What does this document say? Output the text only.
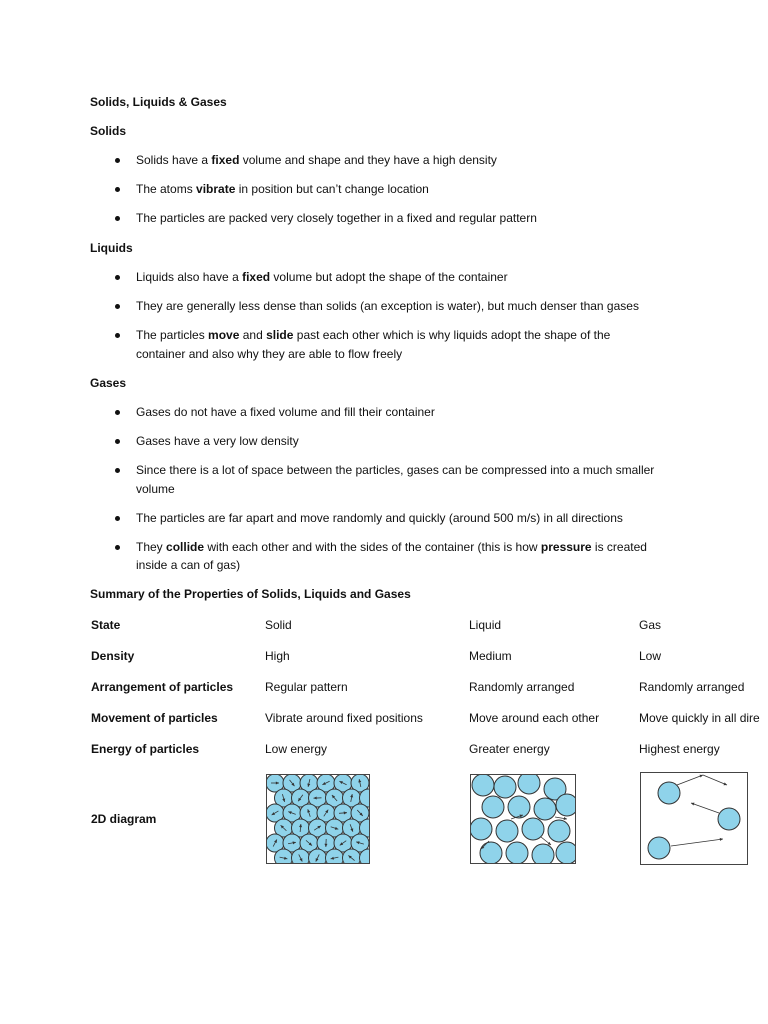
Solids, Liquids & Gases
Solids
Solids have a fixed volume and shape and they have a high density
The atoms vibrate in position but can’t change location
The particles are packed very closely together in a fixed and regular pattern
Liquids
Liquids also have a fixed volume but adopt the shape of the container
They are generally less dense than solids (an exception is water), but much denser than gases
The particles move and slide past each other which is why liquids adopt the shape of the
container and also why they are able to flow freely
Gases
Gases do not have a fixed volume and fill their container
Gases have a very low density
Since there is a lot of space between the particles, gases can be compressed into a much smaller
volume
The particles are far apart and move randomly and quickly (around 500 m/s) in all directions
They collide with each other and with the sides of the container (this is how pressure is created
inside a can of gas)
Summary of the Properties of Solids, Liquids and Gases
State	Solid	Liquid	Gas
Density	High	Medium	Low
Arrangement of particles	Regular pattern	Randomly arranged	Randomly arranged
Movement of particles	Vibrate around fixed positions	Move around each other	Move quickly in all dire
Energy of particles	Low energy	Greater energy	Highest energy
2D diagram
